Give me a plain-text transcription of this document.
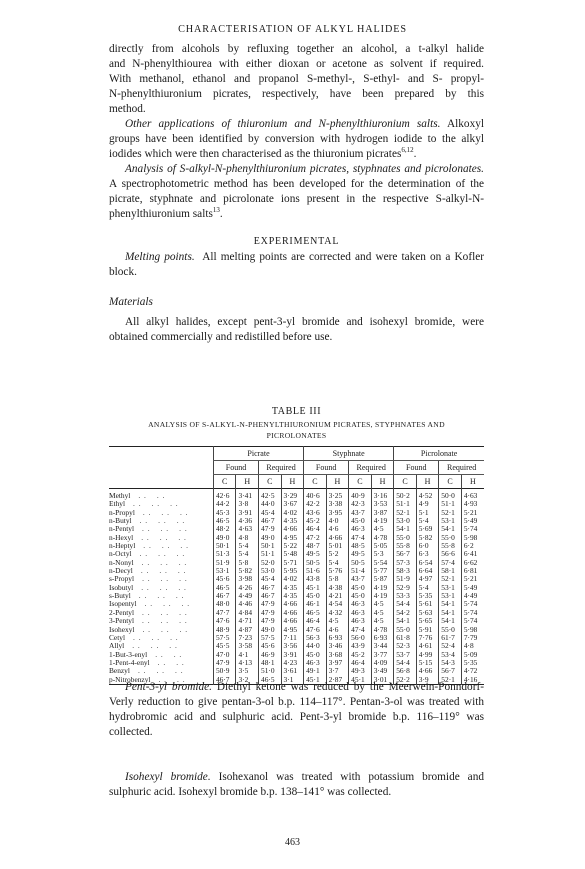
CHARACTERISATION OF ALKYL HALIDES

directly from alcohols by refluxing together an alcohol, a t-alkyl halide
and N-phenylthiourea with either dioxan or acetone as solvent if required.
With methanol, ethanol and propanol S-methyl-, S-ethyl- and S- propyl-
N-phenylthiuronium picrates, respectively, have been prepared by this
method.

Other applications of thiuronium and N-phenylthiuronium salts. Alkoxyl groups have been identified by conversion with hydrogen iodide to the alkyl iodides which were then characterised as the thiuronium picrates$^{6,12}$.

Analysis of S-alkyl-N-phenylthiuronium picrates, styphnates and picrolonates. A spectrophotometric method has been developed for the determination of the picrate, styphnate and picrolonate ions present in the respective S-alkyl-N-phenylthiuronium salts$^{13}$.

EXPERIMENTAL

Melting points. All melting points are corrected and were taken on a Kofler block.

Materials

All alkyl halides, except pent-3-yl bromide and isohexyl bromide, were obtained commercially and redistilled before use.

TABLE III
ANALYSIS OF S-ALKYL-N-PHENYLTHIURONIUM PICRATES, STYPHNATES AND
PICROLONATES
	Picrate				Styphnate				Picrolonate			
	Found		Required		Found		Required		Found		Required	
	C	H	C	H	C	H	C	H	C	H	C	H
Methyl . . . .	42·6	3·41	42·5	3·29	40·6	3·25	40·9	3·16	50·2	4·52	50·0	4·63
Ethyl . . . . . .	44·2	3·8	44·0	3·67	42·2	3·38	42·3	3·53	51·1	4·9	51·1	4·93
n-Propyl . . . . . .	45·3	3·91	45·4	4·02	43·6	3·95	43·7	3·87	52·1	5·1	52·1	5·21
n-Butyl . . . . . .	46·5	4·36	46·7	4·35	45·2	4·0	45·0	4·19	53·0	5·4	53·1	5·49
n-Pentyl . . . . . .	48·2	4·63	47·9	4·66	46·4	4·6	46·3	4·5	54·1	5·69	54·1	5·74
n-Hexyl . . . . . .	49·0	4·8	49·0	4·95	47·2	4·66	47·4	4·78	55·0	5·82	55·0	5·98
n-Heptyl . . . . . .	50·1	5·4	50·1	5·22	48·7	5·01	48·5	5·05	55·8	6·0	55·8	6·2
n-Octyl . . . . . .	51·3	5·4	51·1	5·48	49·5	5·2	49·5	5·3	56·7	6·3	56·6	6·41
n-Nonyl . . . . . .	51·9	5·8	52·0	5·71	50·5	5·4	50·5	5·54	57·3	6·54	57·4	6·62
n-Decyl . . . . . .	53·1	5·82	53·0	5·95	51·6	5·76	51·4	5·77	58·3	6·64	58·1	6·81
s-Propyl . . . . . .	45·6	3·98	45·4	4·02	43·8	5·8	43·7	5·87	51·9	4·97	52·1	5·21
Isobutyl . . . . . .	46·5	4·26	46·7	4·35	45·1	4·38	45·0	4·19	52·9	5·4	53·1	5·49
s-Butyl . . . . . .	46·7	4·49	46·7	4·35	45·0	4·21	45·0	4·19	53·3	5·35	53·1	4·49
Isopentyl . . . . . .	48·0	4·46	47·9	4·66	46·1	4·54	46·3	4·5	54·4	5·61	54·1	5·74
2-Pentyl . . . . . .	47·7	4·84	47·9	4·66	46·5	4·32	46·3	4·5	54·2	5·63	54·1	5·74
3-Pentyl . . . . . .	47·6	4·71	47·9	4·66	46·4	4·5	46·3	4·5	54·1	5·65	54·1	5·74
Isohexyl . . . . . .	48·9	4·87	49·0	4·95	47·6	4·6	47·4	4·78	55·0	5·91	55·0	5·98
Cetyl . . . . . .	57·5	7·23	57·5	7·11	56·3	6·93	56·0	6·93	61·8	7·76	61·7	7·79
Allyl . . . . . .	45·5	3·58	45·6	3·56	44·0	3·46	43·9	3·44	52·3	4·61	52·4	4·8
1-But-3-enyl . . . .	47·0	4·1	46·9	3·91	45·0	3·68	45·2	3·77	53·7	4·99	53·4	5·09
1-Pent-4-enyl . . . .	47·9	4·13	48·1	4·23	46·3	3·97	46·4	4·09	54·4	5·15	54·3	5·35
Benzyl . . . . . .	50·9	3·5	51·0	3·61	49·1	3·7	49·3	3·49	56·8	4·66	56·7	4·72
p-Nitrobenzyl . . . .	46·7	3·2	46·5	3·1	45·1	2·87	45·1	3·01	52·2	3·9	52·1	4·16

Pent-3-yl bromide. Diethyl ketone was reduced by the Meerwein-Ponndorf-Verly reduction to give pentan-3-ol b.p. 114–117°. Pentan-3-ol was treated with hydrobromic acid and sulphuric acid. Pent-3-yl bromide b.p. 116–119° was collected.

Isohexyl bromide. Isohexanol was treated with potassium bromide and sulphuric acid. Isohexyl bromide b.p. 138–141° was collected.

463
